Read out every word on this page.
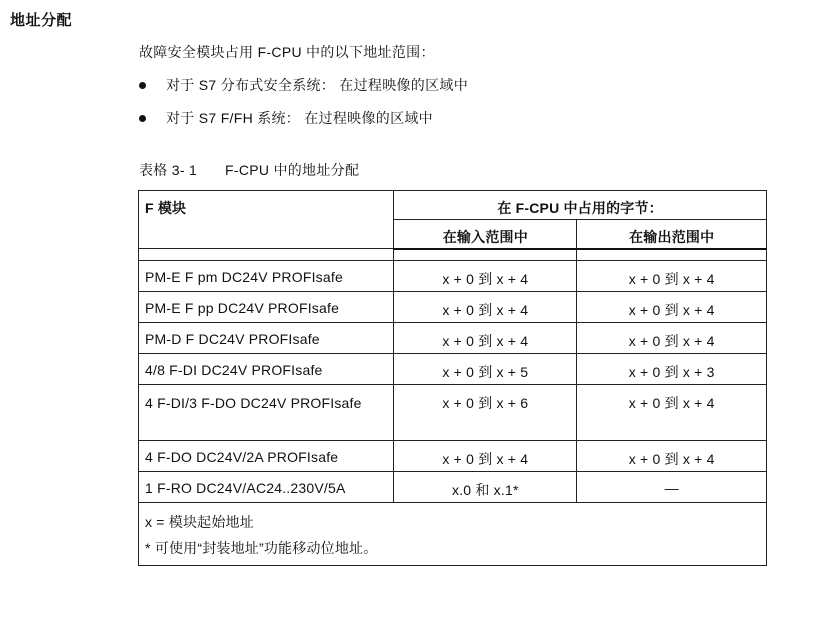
地址分配
故障安全模块占用 F-CPU 中的以下地址范围：
对于 S7 分布式安全系统： 在过程映像的区域中
对于 S7 F/FH 系统： 在过程映像的区域中
表格 3- 1 F-CPU 中的地址分配
F 模块	在 F-CPU 中占用的字节：	
	在输入范围中	在输出范围中

PM-E F pm DC24V PROFIsafe	x + 0 到 x + 4	x + 0 到 x + 4
PM-E F pp DC24V PROFIsafe	x + 0 到 x + 4	x + 0 到 x + 4
PM-D F DC24V PROFIsafe	x + 0 到 x + 4	x + 0 到 x + 4
4/8 F-DI DC24V PROFIsafe	x + 0 到 x + 5	x + 0 到 x + 3
4 F-DI/3 F-DO DC24V PROFIsafe	x + 0 到 x + 6	x + 0 到 x + 4
4 F-DO DC24V/2A PROFIsafe	x + 0 到 x + 4	x + 0 到 x + 4
1 F-RO DC24V/AC24..230V/5A	x.0 和 x.1*	—

x = 模块起始地址
* 可使用“封装地址”功能移动位地址。		
